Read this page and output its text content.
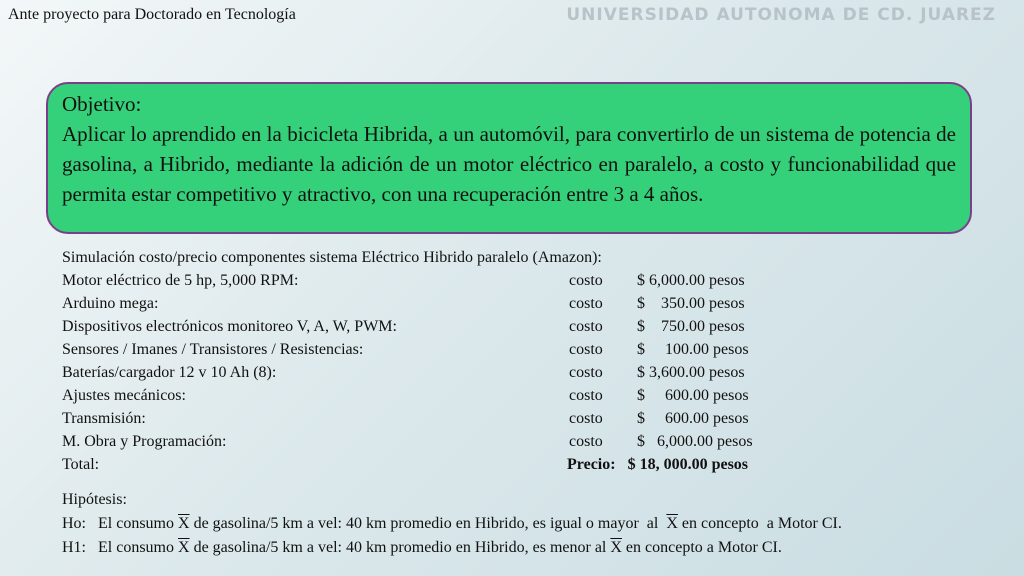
Ante proyecto para Doctorado en Tecnología	UNIVERSIDAD AUTONOMA DE CD. JUAREZ
Objetivo:
Aplicar lo aprendido en la bicicleta Hibrida, a un automóvil, para convertirlo de un sistema de potencia de gasolina, a Hibrido, mediante la adición de un motor eléctrico en paralelo, a costo y funcionabilidad que permita estar competitivo y atractivo, con una recuperación entre 3 a 4 años.
Simulación costo/precio componentes sistema Eléctrico Hibrido paralelo (Amazon):
Motor eléctrico de 5 hp, 5,000 RPM:	costo $ 6,000.00 pesos
Arduino mega:	costo $    350.00 pesos
Dispositivos electrónicos monitoreo V, A, W, PWM:	costo $    750.00 pesos
Sensores / Imanes / Transistores / Resistencias:	costo $     100.00 pesos
Baterías/cargador 12 v 10 Ah (8):	costo $ 3,600.00 pesos
Ajustes mecánicos:	costo $     600.00 pesos
Transmisión:	costo $     600.00 pesos
M. Obra y Programación:	costo $   6,000.00 pesos
Total:	Precio:   $ 18, 000.00 pesos
Hipótesis:
Ho:   El consumo $\overline{X}$ de gasolina/5 km a vel: 40 km promedio en Hibrido, es igual o mayor  al  $\overline{X}$ en concepto  a Motor CI.
H1:   El consumo $\overline{X}$ de gasolina/5 km a vel: 40 km promedio en Hibrido, es menor al $\overline{X}$ en concepto a Motor CI.
